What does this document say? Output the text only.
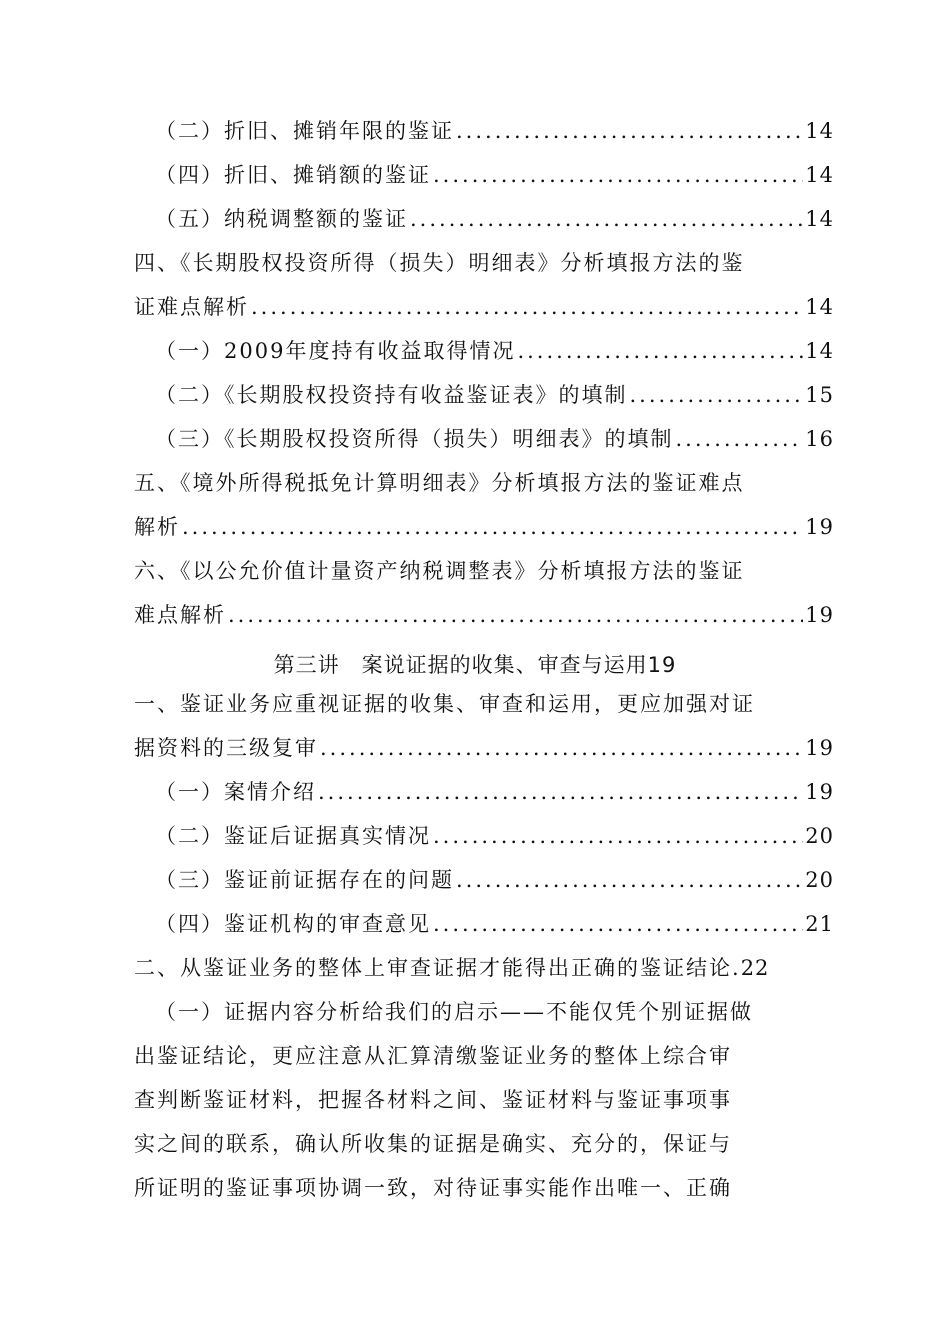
（二）折旧、摊销年限的鉴证 .....	14
（四）折旧、摊销额的鉴证 .....	14
（五）纳税调整额的鉴证 .....	14
四、《长期股权投资所得（损失）明细表》分析填报方法的鉴
证难点解析 .....	14
（一）2009年度持有收益取得情况 .....	14
（二）《长期股权投资持有收益鉴证表》的填制 .....	15
（三）《长期股权投资所得（损失）明细表》的填制 .....	16
五、《境外所得税抵免计算明细表》分析填报方法的鉴证难点
解析 .....	19
六、《以公允价值计量资产纳税调整表》分析填报方法的鉴证
难点解析 .....	19
第三讲 案说证据的收集、审查与运用19
一、鉴证业务应重视证据的收集、审查和运用，更应加强对证
据资料的三级复审 .....	19
（一）案情介绍 .....	19
（二）鉴证后证据真实情况 .....	20
（三）鉴证前证据存在的问题 .....	20
（四）鉴证机构的审查意见 .....	21
二、从鉴证业务的整体上审查证据才能得出正确的鉴证结论. 22
（一）证据内容分析给我们的启示——不能仅凭个别证据做
出鉴证结论，更应注意从汇算清缴鉴证业务的整体上综合审
查判断鉴证材料，把握各材料之间、鉴证材料与鉴证事项事
实之间的联系，确认所收集的证据是确实、充分的，保证与
所证明的鉴证事项协调一致，对待证事实能作出唯一、正确
